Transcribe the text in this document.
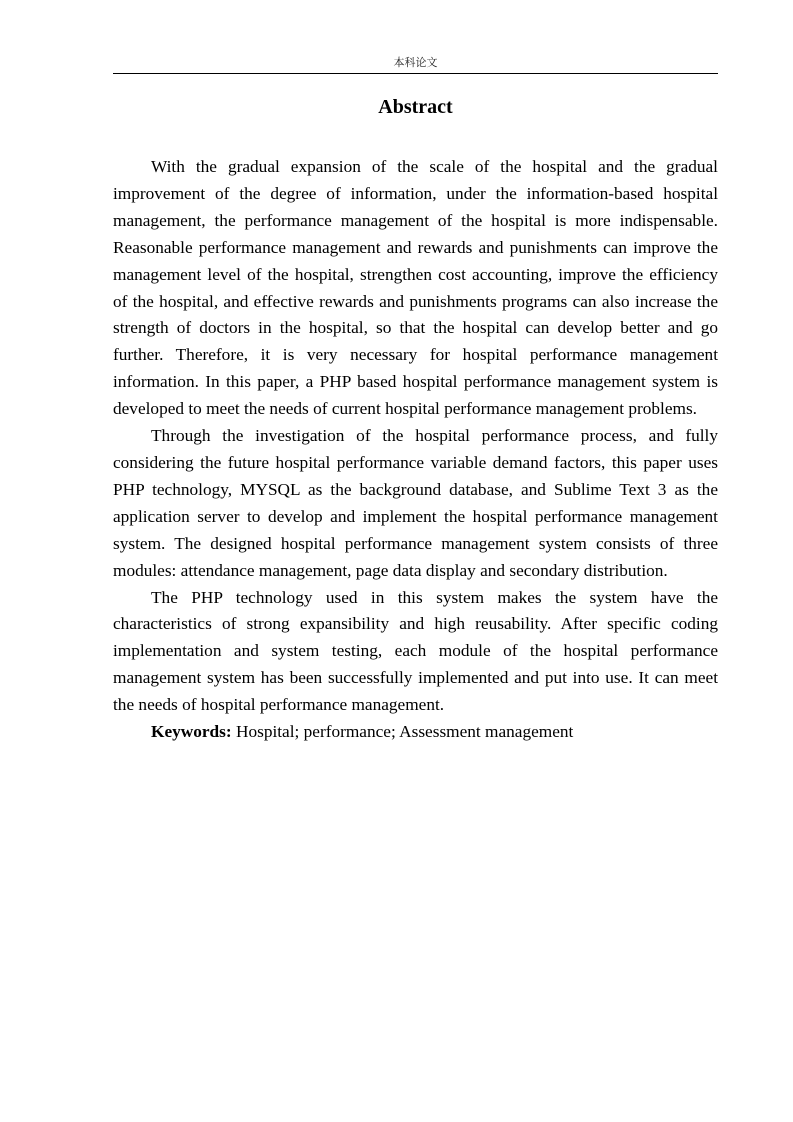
本科论文
Abstract

With the gradual expansion of the scale of the hospital and the gradual improvement of the degree of information, under the information-based hospital management, the performance management of the hospital is more indispensable. Reasonable performance management and rewards and punishments can improve the management level of the hospital, strengthen cost accounting, improve the efficiency of the hospital, and effective rewards and punishments programs can also increase the strength of doctors in the hospital, so that the hospital can develop better and go further. Therefore, it is very necessary for hospital performance management information. In this paper, a PHP based hospital performance management system is developed to meet the needs of current hospital performance management problems.

Through the investigation of the hospital performance process, and fully considering the future hospital performance variable demand factors, this paper uses PHP technology, MYSQL as the background database, and Sublime Text 3 as the application server to develop and implement the hospital performance management system. The designed hospital performance management system consists of three modules: attendance management, page data display and secondary distribution.

The PHP technology used in this system makes the system have the characteristics of strong expansibility and high reusability. After specific coding implementation and system testing, each module of the hospital performance management system has been successfully implemented and put into use. It can meet the needs of hospital performance management.

Keywords: Hospital; performance; Assessment management
